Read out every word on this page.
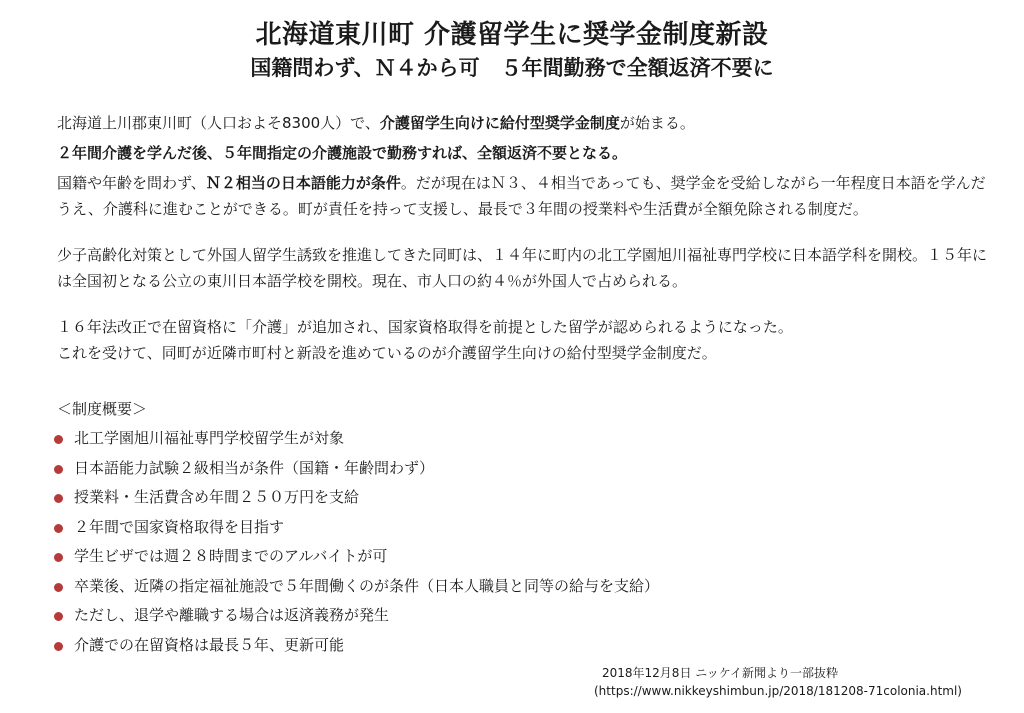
北海道東川町 介護留学生に奨学金制度新設
国籍問わず、Ｎ４から可　５年間勤務で全額返済不要に
北海道上川郡東川町（人口およそ8300人）で、介護留学生向けに給付型奨学金制度が始まる。
２年間介護を学んだ後、５年間指定の介護施設で勤務すれば、全額返済不要となる。
国籍や年齢を問わず、Ｎ２相当の日本語能力が条件。だが現在はＮ３、４相当であっても、奨学金を受給しながら一年程度日本語を学んだうえ、介護科に進むことができる。町が責任を持って支援し、最長で３年間の授業料や生活費が全額免除される制度だ。
少子高齢化対策として外国人留学生誘致を推進してきた同町は、１４年に町内の北工学園旭川福祉専門学校に日本語学科を開校。１５年には全国初となる公立の東川日本語学校を開校。現在、市人口の約４％が外国人で占められる。
１６年法改正で在留資格に「介護」が追加され、国家資格取得を前提とした留学が認められるようになった。
これを受けて、同町が近隣市町村と新設を進めているのが介護留学生向けの給付型奨学金制度だ。
＜制度概要＞
北工学園旭川福祉専門学校留学生が対象
日本語能力試験２級相当が条件（国籍・年齢問わず）
授業料・生活費含め年間２５０万円を支給
２年間で国家資格取得を目指す
学生ビザでは週２８時間までのアルバイトが可
卒業後、近隣の指定福祉施設で５年間働くのが条件（日本人職員と同等の給与を支給）
ただし、退学や離職する場合は返済義務が発生
介護での在留資格は最長５年、更新可能
2018年12月8日 ニッケイ新聞より一部抜粋
(https://www.nikkeyshimbun.jp/2018/181208-71colonia.html)
